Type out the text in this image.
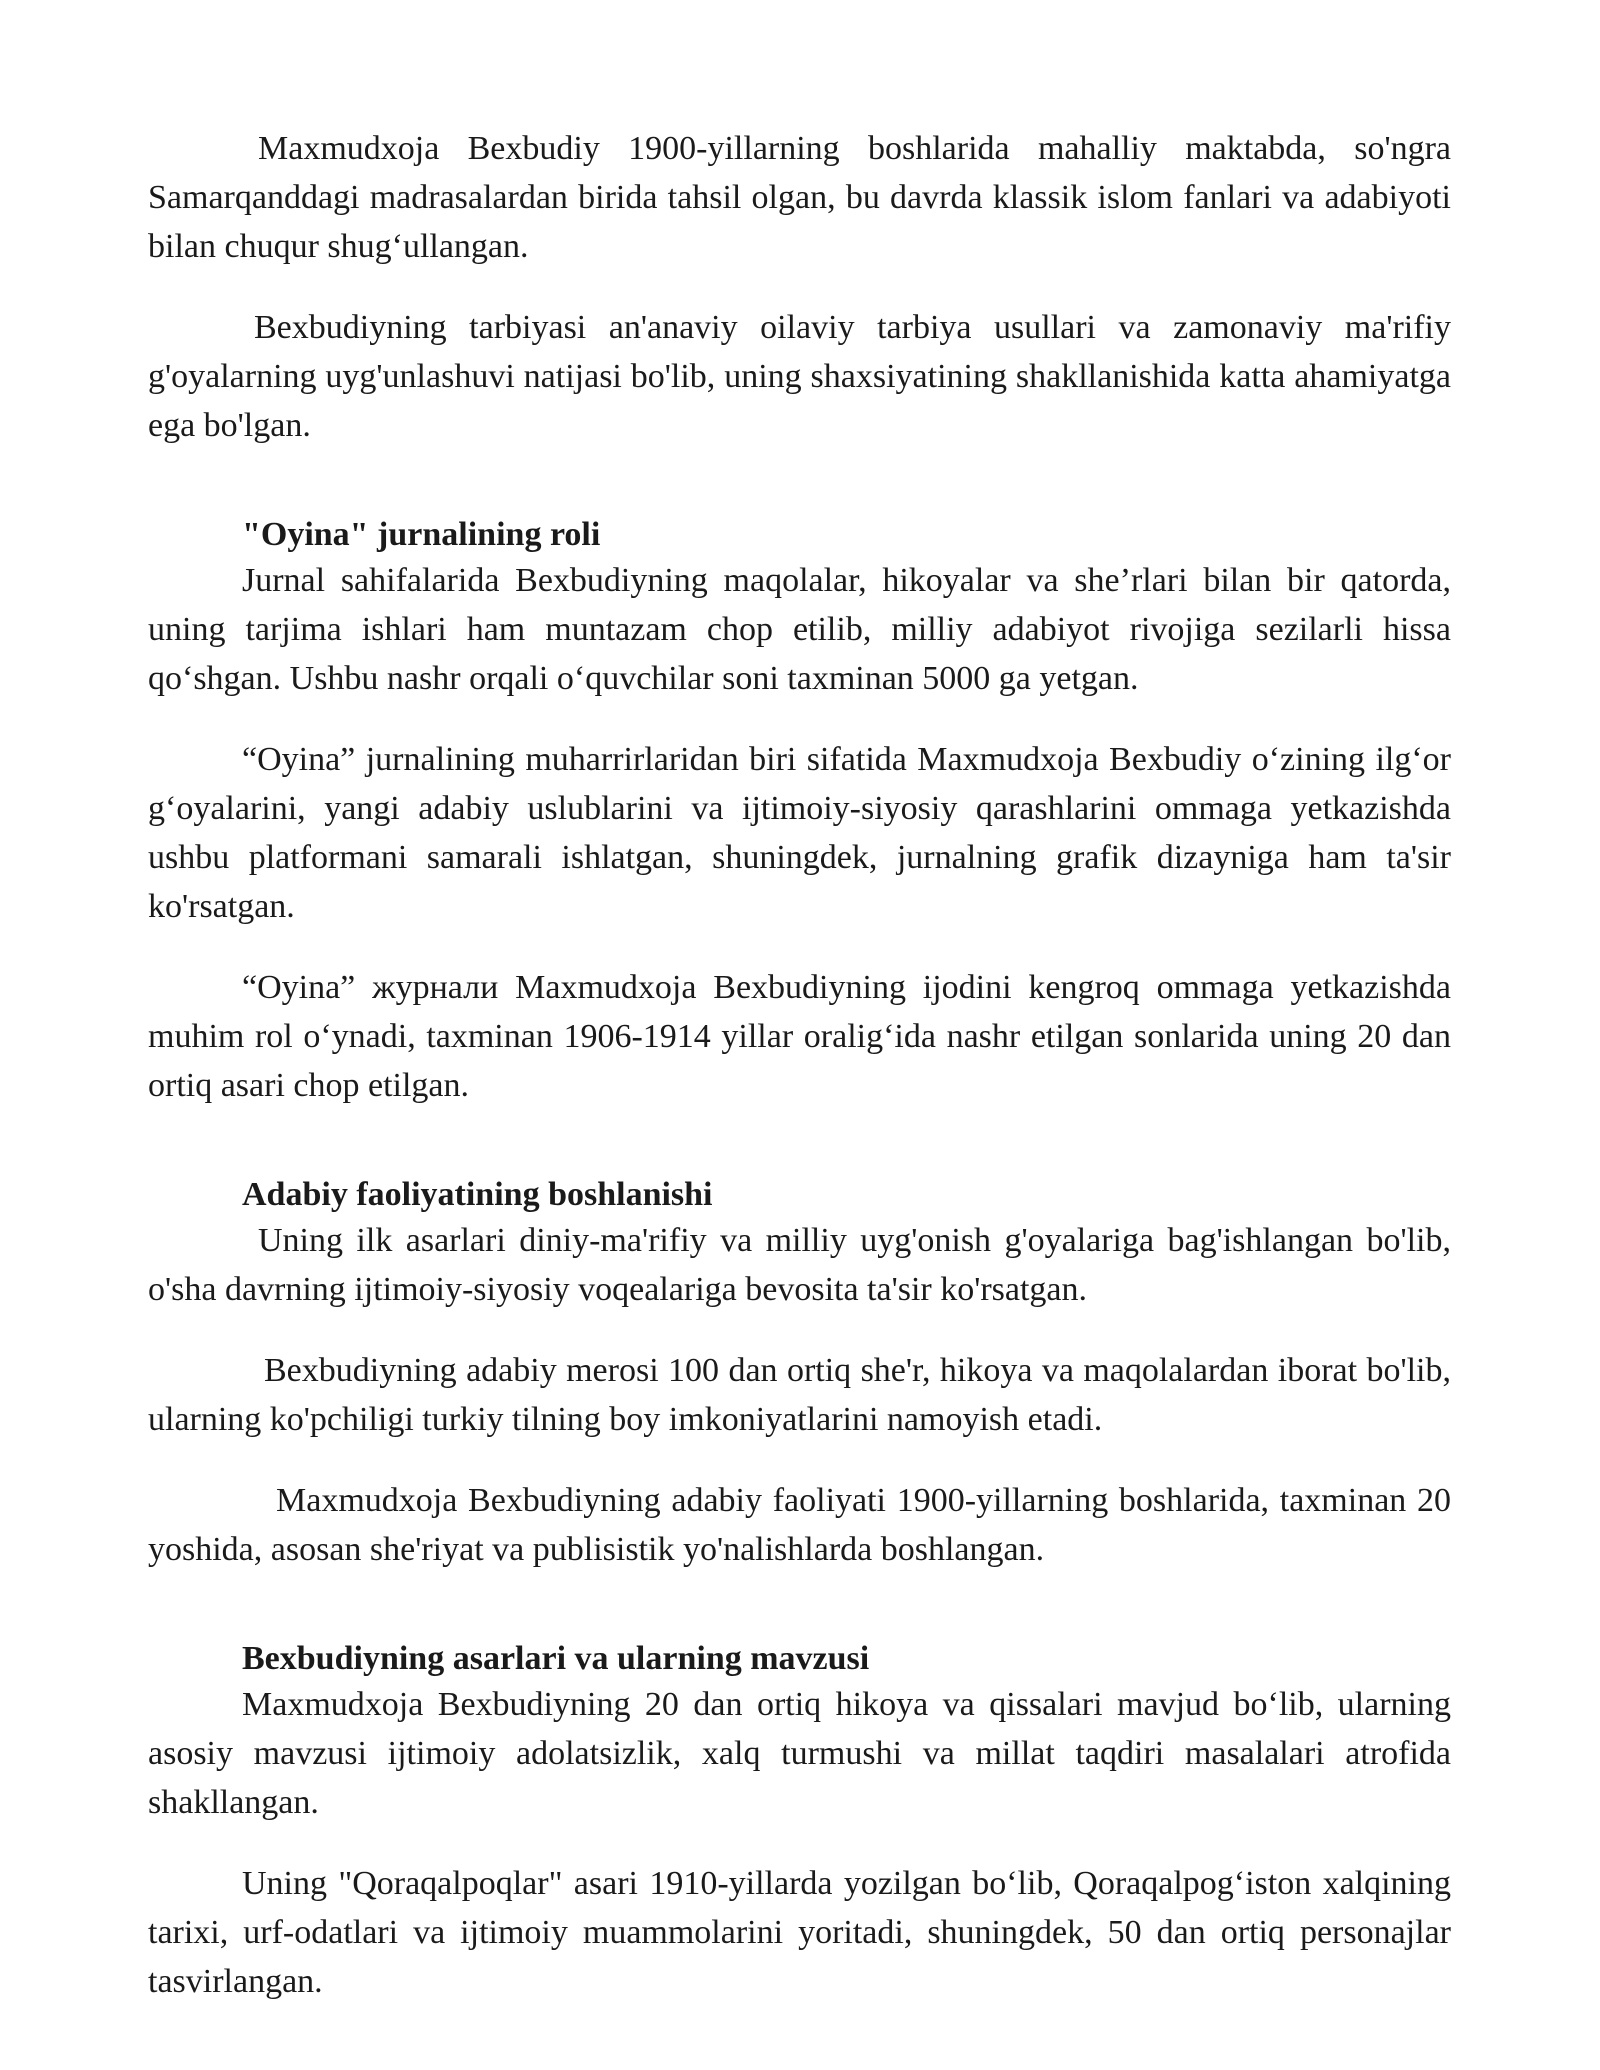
Maxmudxoja Bexbudiy 1900-yillarning boshlarida mahalliy maktabda, so'ngra Samarqanddagi madrasalardan birida tahsil olgan, bu davrda klassik islom fanlari va adabiyoti bilan chuqur shug‘ullangan.

Bexbudiyning tarbiyasi an'anaviy oilaviy tarbiya usullari va zamonaviy ma'rifiy g'oyalarning uyg'unlashuvi natijasi bo'lib, uning shaxsiyatining shakllanishida katta ahamiyatga ega bo'lgan.

"Oyina" jurnalining roli

Jurnal sahifalarida Bexbudiyning maqolalar, hikoyalar va she’rlari bilan bir qatorda, uning tarjima ishlari ham muntazam chop etilib, milliy adabiyot rivojiga sezilarli hissa qo‘shgan. Ushbu nashr orqali o‘quvchilar soni taxminan 5000 ga yetgan.

“Oyina” jurnalining muharrirlaridan biri sifatida Maxmudxoja Bexbudiy o‘zining ilg‘or g‘oyalarini, yangi adabiy uslublarini va ijtimoiy-siyosiy qarashlarini ommaga yetkazishda ushbu platformani samarali ishlatgan, shuningdek, jurnalning grafik dizayniga ham ta'sir ko'rsatgan.

“Oyina” журнали Maxmudxoja Bexbudiyning ijodini kengroq ommaga yetkazishda muhim rol o‘ynadi, taxminan 1906-1914 yillar oralig‘ida nashr etilgan sonlarida uning 20 dan ortiq asari chop etilgan.

Adabiy faoliyatining boshlanishi

Uning ilk asarlari diniy-ma'rifiy va milliy uyg'onish g'oyalariga bag'ishlangan bo'lib, o'sha davrning ijtimoiy-siyosiy voqealariga bevosita ta'sir ko'rsatgan.

Bexbudiyning adabiy merosi 100 dan ortiq she'r, hikoya va maqolalardan iborat bo'lib, ularning ko'pchiligi turkiy tilning boy imkoniyatlarini namoyish etadi.

Maxmudxoja Bexbudiyning adabiy faoliyati 1900-yillarning boshlarida, taxminan 20 yoshida, asosan she'riyat va publisistik yo'nalishlarda boshlangan.

Bexbudiyning asarlari va ularning mavzusi

Maxmudxoja Bexbudiyning 20 dan ortiq hikoya va qissalari mavjud bo‘lib, ularning asosiy mavzusi ijtimoiy adolatsizlik, xalq turmushi va millat taqdiri masalalari atrofida shakllangan.

Uning "Qoraqalpoqlar" asari 1910-yillarda yozilgan bo‘lib, Qoraqalpog‘iston xalqining tarixi, urf-odatlari va ijtimoiy muammolarini yoritadi, shuningdek, 50 dan ortiq personajlar tasvirlangan.
